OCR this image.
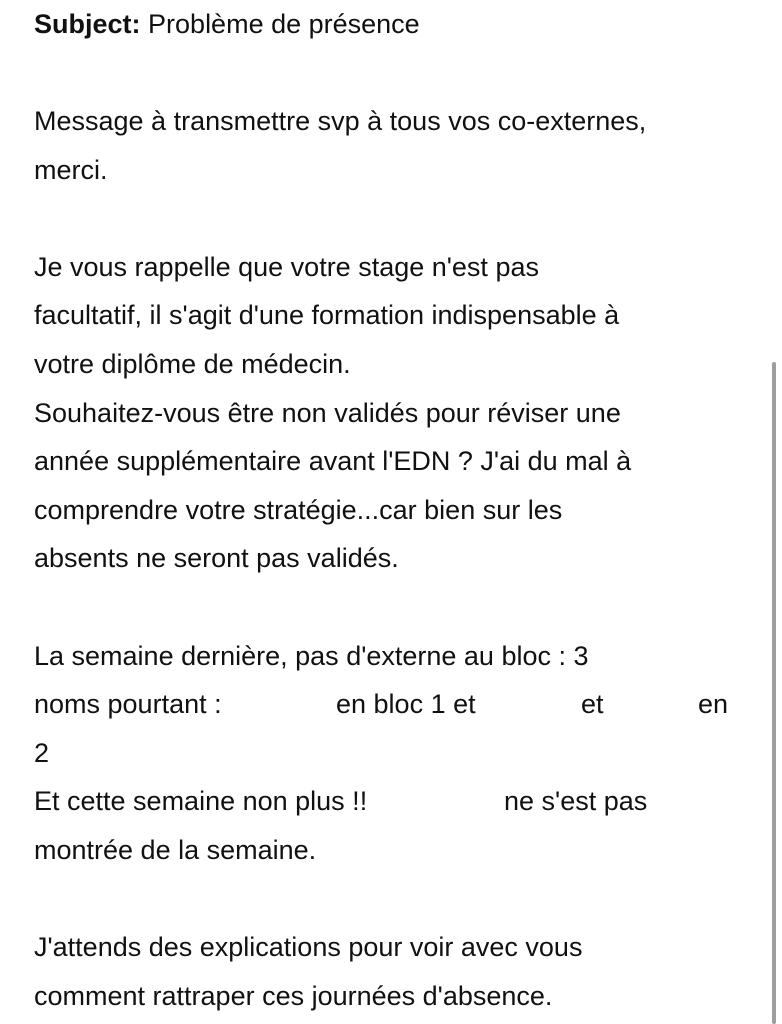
Subject: Problème de présence
Message à transmettre svp à tous vos co-externes,
merci.
Je vous rappelle que votre stage n'est pas
facultatif, il s'agit d'une formation indispensable à
votre diplôme de médecin.
Souhaitez-vous être non validés pour réviser une
année supplémentaire avant l'EDN ? J'ai du mal à
comprendre votre stratégie...car bien sur les
absents ne seront pas validés.
La semaine dernière, pas d'externe au bloc : 3
noms pourtant :	en bloc 1 et	et	en
2
Et cette semaine non plus !!	ne s'est pas
montrée de la semaine.
J'attends des explications pour voir avec vous
comment rattraper ces journées d'absence.
